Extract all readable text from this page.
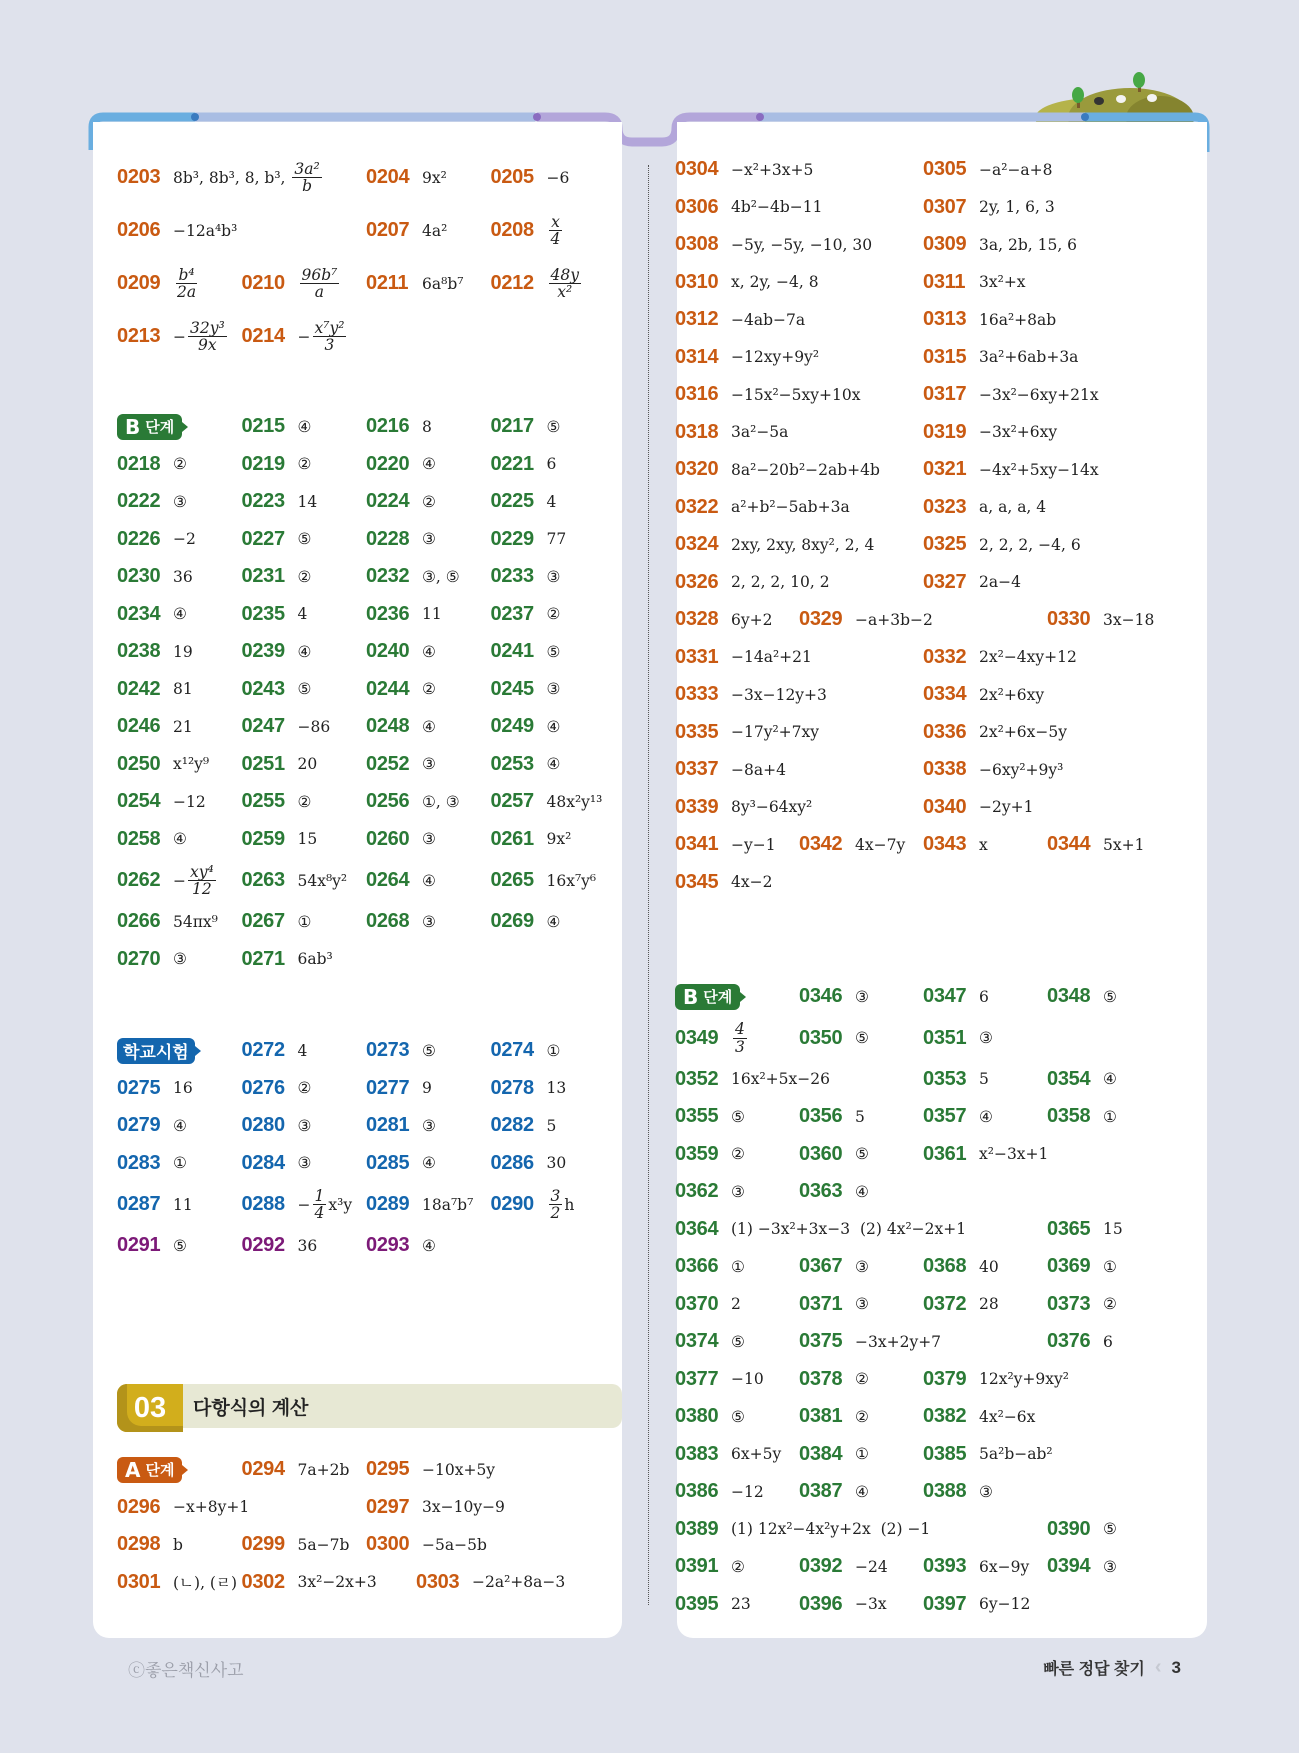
0203 8b³, 8b³, 8, b³, $\frac{\text{3a²}}{b} 0204$ 9x² 0205 −6
0206 −12a⁴b³	0207 4a² $0208 \frac{x}{4}$
$0209 \frac{\text{b⁴}}{2a} 0210 \frac{\text{96b⁷}}{a} 0211$ 6a⁸b⁷ $0212 \frac{48y}{\text{x²}}$
$0213 - \frac{\text{32y³}}{9x} 0214 - \frac{\text{x⁷y²}}{3}$
B 단계	0215 ④	0216 8	0217 ⑤
0218 ②	0219 ②	0220 ④	0221 6
0222 ③	0223 14 0224 ②	0225 4
0226 −2 0227 ⑤	0228 ③	0229 77
0230 36 0231 ②	0232 ③, ⑤ 0233 ③
0234 ④	0235 4	0236 11 0237 ②
0238 19 0239 ④	0240 ④	0241 ⑤
0242 81 0243 ⑤	0244 ②	0245 ③
0246 21 0247 −86 0248 ④	0249 ④
0250 x¹²y⁹ 0251 20 0252 ③	0253 ④
0254 −12 0255 ②	0256 ①, ③ 0257 48x²y¹³
0258 ④	0259 15 0260 ③	0261 9x²
$0262 - \frac{\text{xy⁴}}{12} 0263$ 54x⁸y² 0264 ④	0265 16x⁷y⁶
0266 54πx⁹ 0267 ①	0268 ③	0269 ④
0270 ③	0271 6ab³
학교시험	0272 4	0273 ⑤	0274 ①
0275 16 0276 ②	0277 9	0278 13
0279 ④	0280 ③	0281 ③	0282 5
0283 ①	0284 ③	0285 ④	0286 30
0287 11 $0288 - \frac{1}{4} x^3y$ 0289 18a⁷b⁷ $0290 \frac{3}{2}$ h
0291 ⑤	0292 36 0293 ④
03	다항식의 계산
A 단계	0294 7a+2b 0295 −10x+5y
0296 −x+8y+1	0297 3x−10y−9
0298 b	0299 5a−7b 0300 −5a−5b
0301 (ㄴ), (ㄹ) 0302 3x²−2x+3 0303 −2a²+8a−3
0304 −x²+3x+5	0305 −a²−a+8
0306 4b²−4b−11	0307 2y, 1, 6, 3
0308 −5y, −5y, −10, 30	0309 3a, 2b, 15, 6
0310 x, 2y, −4, 8	0311 3x²+x
0312 −4ab−7a	0313 16a²+8ab
0314 −12xy+9y²	0315 3a²+6ab+3a
0316 −15x²−5xy+10x	0317 −3x²−6xy+21x
0318 3a²−5a	0319 −3x²+6xy
0320 8a²−20b²−2ab+4b 0321 −4x²+5xy−14x
0322 a²+b²−5ab+3a	0323 a, a, a, 4
0324 2xy, 2xy, 8xy², 2, 4 0325 2, 2, 2, −4, 6
0326 2, 2, 2, 10, 2	0327 2a−4
0328 6y+2 0329 −a+3b−2	0330 3x−18
0331 −14a²+21	0332 2x²−4xy+12
0333 −3x−12y+3	0334 2x²+6xy
0335 −17y²+7xy	0336 2x²+6x−5y
0337 −8a+4	0338 −6xy²+9y³
0339 8y³−64xy²	0340 −2y+1
0341 −y−1 0342 4x−7y 0343 x	0344 5x+1
0345 4x−2
B 단계	0346 ③	0347 6	0348 ⑤
$0349 \frac{4}{3}$	0350 ⑤	0351 ③
0352 16x²+5x−26	0353 5	0354 ④
0355 ⑤	0356 5	0357 ④	0358 ①
0359 ②	0360 ⑤	0361 x²−3x+1
0362 ③	0363 ④
0364 (1) −3x²+3x−3  (2) 4x²−2x+1	0365 15
0366 ①	0367 ③	0368 40 0369 ①
0370 2	0371 ③	0372 28 0373 ②
0374 ⑤	0375 −3x+2y+7	0376 6
0377 −10 0378 ②	0379 12x²y+9xy²
0380 ⑤	0381 ②	0382 4x²−6x
0383 6x+5y 0384 ①	0385 5a²b−ab²
0386 −12 0387 ④	0388 ③
0389 (1) 12x²−4x²y+2x  (2) −1	0390 ⑤
0391 ②	0392 −24 0393 6x−9y 0394 ③
0395 23 0396 −3x 0397 6y−12
ⓒ좋은책신사고	빠른 정답 찾기 ‹ 3
